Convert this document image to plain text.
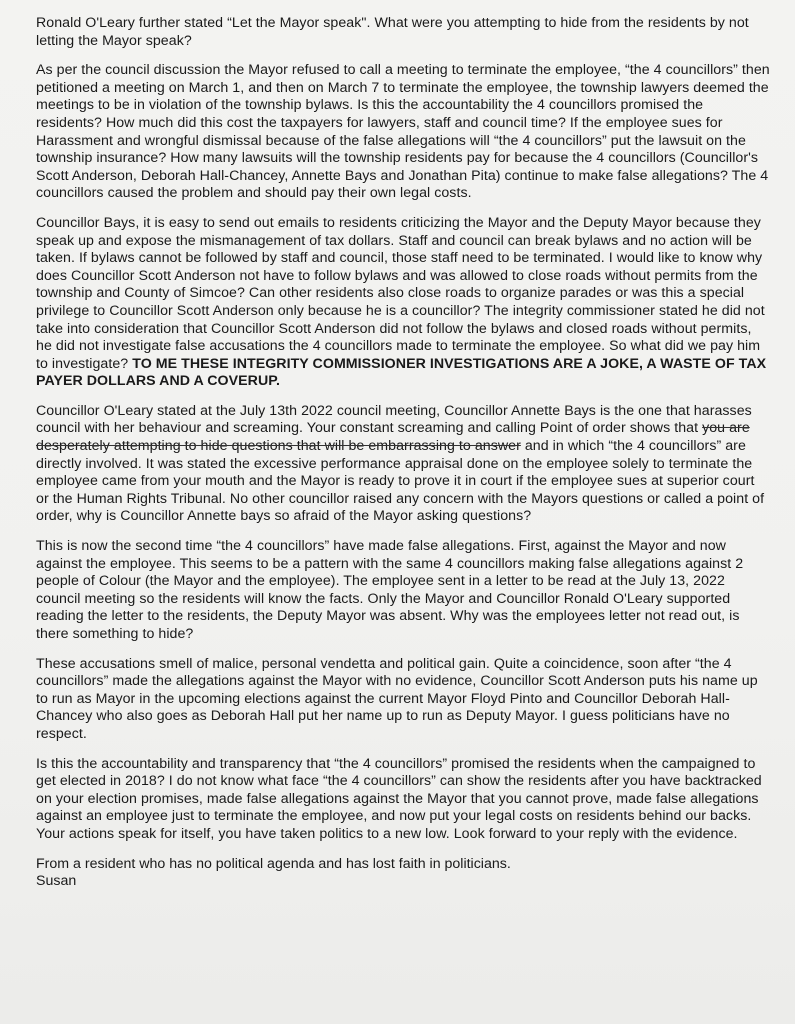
Ronald O'Leary further stated “Let the Mayor speak". What were you attempting to hide from the residents by not letting the Mayor speak?

As per the council discussion the Mayor refused to call a meeting to terminate the employee, “the 4 councillors” then petitioned a meeting on March 1, and then on March 7 to terminate the employee, the township lawyers deemed the meetings to be in violation of the township bylaws. Is this the accountability the 4 councillors promised the residents? How much did this cost the taxpayers for lawyers, staff and council time? If the employee sues for Harassment and wrongful dismissal because of the false allegations will “the 4 councillors” put the lawsuit on the township insurance? How many lawsuits will the township residents pay for because the 4 councillors (Councillor's Scott Anderson, Deborah Hall-Chancey, Annette Bays and Jonathan Pita) continue to make false allegations? The 4 councillors caused the problem and should pay their own legal costs.

Councillor Bays, it is easy to send out emails to residents criticizing the Mayor and the Deputy Mayor because they speak up and expose the mismanagement of tax dollars. Staff and council can break bylaws and no action will be taken. If bylaws cannot be followed by staff and council, those staff need to be terminated. I would like to know why does Councillor Scott Anderson not have to follow bylaws and was allowed to close roads without permits from the township and County of Simcoe? Can other residents also close roads to organize parades or was this a special privilege to Councillor Scott Anderson only because he is a councillor? The integrity commissioner stated he did not take into consideration that Councillor Scott Anderson did not follow the bylaws and closed roads without permits, he did not investigate false accusations the 4 councillors made to terminate the employee. So what did we pay him to investigate? TO ME THESE INTEGRITY COMMISSIONER INVESTIGATIONS ARE A JOKE, A WASTE OF TAX PAYER DOLLARS AND A COVERUP.

Councillor O'Leary stated at the July 13th 2022 council meeting, Councillor Annette Bays is the one that harasses council with her behaviour and screaming. Your constant screaming and calling Point of order shows that you are desperately attempting to hide questions that will be embarrassing to answer and in which “the 4 councillors” are directly involved. It was stated the excessive performance appraisal done on the employee solely to terminate the employee came from your mouth and the Mayor is ready to prove it in court if the employee sues at superior court or the Human Rights Tribunal. No other councillor raised any concern with the Mayors questions or called a point of order, why is Councillor Annette bays so afraid of the Mayor asking questions?

This is now the second time “the 4 councillors” have made false allegations. First, against the Mayor and now against the employee. This seems to be a pattern with the same 4 councillors making false allegations against 2 people of Colour (the Mayor and the employee). The employee sent in a letter to be read at the July 13, 2022 council meeting so the residents will know the facts. Only the Mayor and Councillor Ronald O'Leary supported reading the letter to the residents, the Deputy Mayor was absent. Why was the employees letter not read out, is there something to hide?

These accusations smell of malice, personal vendetta and political gain. Quite a coincidence, soon after “the 4 councillors” made the allegations against the Mayor with no evidence, Councillor Scott Anderson puts his name up to run as Mayor in the upcoming elections against the current Mayor Floyd Pinto and Councillor Deborah Hall-Chancey who also goes as Deborah Hall put her name up to run as Deputy Mayor. I guess politicians have no respect.

Is this the accountability and transparency that “the 4 councillors” promised the residents when the campaigned to get elected in 2018? I do not know what face “the 4 councillors” can show the residents after you have backtracked on your election promises, made false allegations against the Mayor that you cannot prove, made false allegations against an employee just to terminate the employee, and now put your legal costs on residents behind our backs. Your actions speak for itself, you have taken politics to a new low. Look forward to your reply with the evidence.

From a resident who has no political agenda and has lost faith in politicians.

Susan
